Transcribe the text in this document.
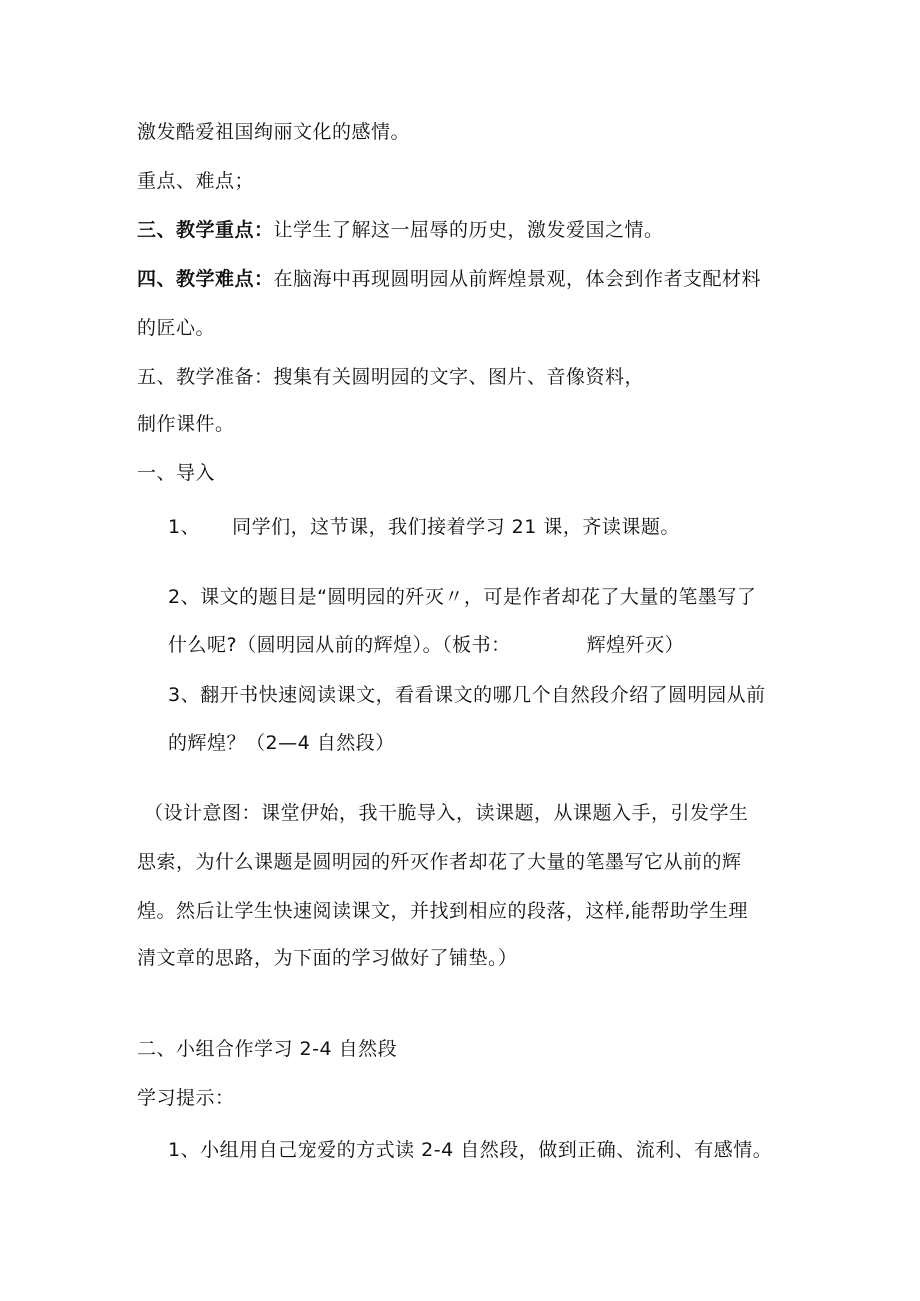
激发酷爱祖国绚丽文化的感情。
重点、难点；
三、教学重点：让学生了解这一屈辱的历史，激发爱国之情。
四、教学难点：在脑海中再现圆明园从前辉煌景观，体会到作者支配材料
的匠心。
五、教学准备：搜集有关圆明园的文字、图片、音像资料，
制作课件。
一、导入
1、 同学们，这节课，我们接着学习 21 课，齐读课题。
2、课文的题目是“圆明园的歼灭〃，可是作者却花了大量的笔墨写了
什么呢?（圆明园从前的辉煌）。（板书：	辉煌歼灭）
3、翻开书快速阅读课文，看看课文的哪几个自然段介绍了圆明园从前
的辉煌？（2—4 自然段）
（设计意图：课堂伊始，我干脆导入，读课题，从课题入手，引发学生
思索，为什么课题是圆明园的歼灭作者却花了大量的笔墨写它从前的辉
煌。然后让学生快速阅读课文，并找到相应的段落，这样,能帮助学生理
清文章的思路，为下面的学习做好了铺垫。）
二、小组合作学习 2-4 自然段
学习提示：
1、小组用自己宠爱的方式读 2-4 自然段，做到正确、流利、有感情。
